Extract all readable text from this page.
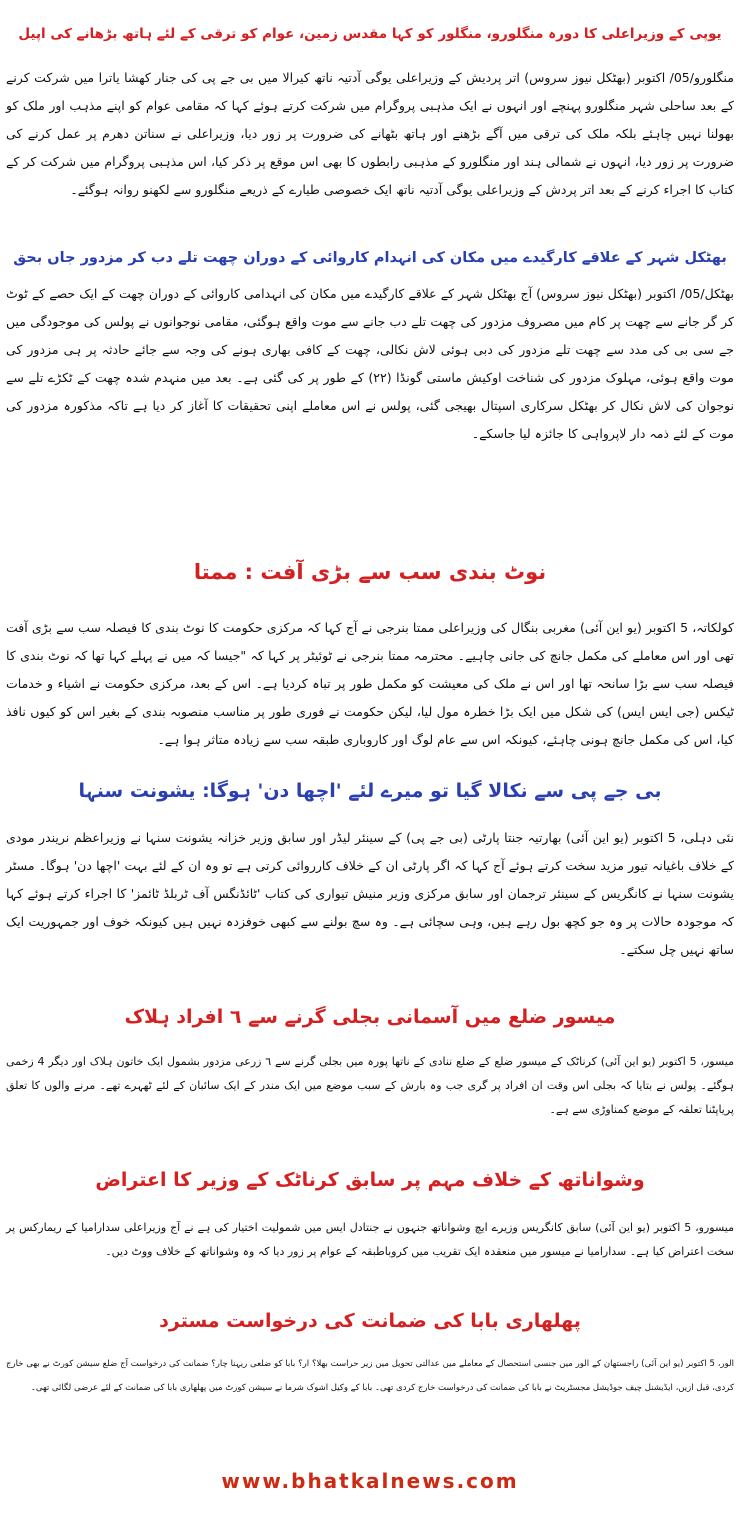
یوپی کے وزیراعلی کا دورہ منگلورو، منگلور کو کہا مقدس زمین، عوام کو ترقی کے لئے ہاتھ بڑھانے کی اپیل

منگلورو/05/ اکتوبر (بھٹکل نیوز سروس) اتر پردیش کے وزیراعلی یوگی آدتیہ ناتھ کیرالا میں بی جے پی کی جنار کھشا یاترا میں شرکت کرنے کے بعد ساحلی شہر منگلورو پہنچے اور انہوں نے ایک مذہبی پروگرام میں شرکت کرتے ہوئے کہا کہ مقامی عوام کو اپنے مذہب اور ملک کو بھولنا نہیں چاہئے بلکہ ملک کی ترقی میں آگے بڑھنے اور ہاتھ بٹھانے کی ضرورت پر زور دیا، وزیراعلی نے سناتن دھرم پر عمل کرنے کی ضرورت پر زور دیا، انہوں نے شمالی ہند اور منگلورو کے مذہبی رابطوں کا بھی اس موقع پر ذکر کیا، اس مذہبی پروگرام میں شرکت کر کے کتاب کا اجراء کرنے کے بعد اتر پردش کے وزیراعلی یوگی آدتیہ ناتھ ایک خصوصی طیارے کے ذریعے منگلورو سے لکھنو روانہ ہوگئے۔

بھٹکل شہر کے علاقے کارگیدے میں مکان کی انہدام کاروائی کے دوران چھت تلے دب کر مزدور جاں بحق

بھٹکل/05/ اکتوبر (بھٹکل نیوز سروس) آج بھٹکل شہر کے علاقے کارگیدے میں مکان کی انہدامی کاروائی کے دوران چھت کے ایک حصے کے ٹوٹ کر گر جانے سے چھت پر کام میں مصروف مزدور کی چھت تلے دب جانے سے موت واقع ہوگئی، مقامی نوجوانوں نے پولس کی موجودگی میں جے سی بی کی مدد سے چھت تلے مزدور کی دبی ہوئی لاش نکالی، چھت کے کافی بھاری ہونے کی وجہ سے جائے حادثہ پر ہی مزدور کی موت واقع ہوئی، مہلوک مزدور کی شناخت اوکیش ماستی گونڈا (۲۲) کے طور پر کی گئی ہے۔ بعد میں منہدم شدہ چھت کے ٹکڑے تلے سے نوجوان کی لاش نکال کر بھٹکل سرکاری اسپتال بھیجی گئی، پولس نے اس معاملے اپنی تحقیقات کا آغاز کر دیا ہے تاکہ مذکورہ مزدور کی موت کے لئے ذمہ دار لاپرواہی کا جائزہ لیا جاسکے۔

نوٹ بندی سب سے بڑی آفت : ممتا

کولکاتہ، 5 اکتوبر (یو این آئی) مغربی بنگال کی وزیراعلی ممتا بنرجی نے آج کہا کہ مرکزی حکومت کا نوٹ بندی کا فیصلہ سب سے بڑی آفت تھی اور اس معاملے کی مکمل جانچ کی جانی چاہیے۔ محترمہ ممتا بنرجی نے ٹوئیٹر پر کہا کہ "جیسا کہ میں نے پہلے کہا تھا کہ نوٹ بندی کا فیصلہ سب سے بڑا سانحہ تھا اور اس نے ملک کی معیشت کو مکمل طور پر تباہ کردیا ہے۔ اس کے بعد، مرکزی حکومت نے اشیاء و خدمات ٹیکس (جی ایس ایس) کی شکل میں ایک بڑا خطرہ مول لیا، لیکن حکومت نے فوری طور پر مناسب منصوبہ بندی کے بغیر اس کو کیوں نافذ کیا، اس کی مکمل جانچ ہونی چاہئے، کیونکہ اس سے عام لوگ اور کاروباری طبقہ سب سے زیادہ متاثر ہوا ہے۔

بی جے پی سے نکالا گیا تو میرے لئے 'اچھا دن' ہوگا: یشونت سنہا

نئی دہلی، 5 اکتوبر (یو این آئی) بھارتیہ جنتا پارٹی (بی جے پی) کے سینئر لیڈر اور سابق وزیر خزانہ یشونت سنہا نے وزیراعظم نریندر مودی کے خلاف باغیانہ تیور مزید سخت کرتے ہوئے آج کہا کہ اگر پارٹی ان کے خلاف کارروائی کرتی ہے تو وہ ان کے لئے بہت 'اچھا دن' ہوگا۔ مسٹر یشونت سنہا نے کانگریس کے سینئر ترجمان اور سابق مرکزی وزیر منیش تیواری کی کتاب 'ٹائڈنگس آف ٹربلڈ ٹائمز' کا اجراء کرتے ہوئے کہا کہ موجودہ حالات پر وہ جو کچھ بول رہے ہیں، وہی سچائی ہے۔ وہ سچ بولنے سے کبھی خوفزدہ نہیں ہیں کیونکہ خوف اور جمہوریت ایک ساتھ نہیں چل سکتے۔

میسور ضلع میں آسمانی بجلی گرنے سے ٦ افراد ہلاک

میسور، 5 اکتوبر (یو این آئی) کرناٹک کے میسور ضلع کے ضلع ننادی کے ناتھا پورہ میں بجلی گرنے سے ٦ زرعی مزدور بشمول ایک خاتون ہلاک اور دیگر 4 زخمی ہوگئے۔ پولس نے بتایا کہ بجلی اس وقت ان افراد پر گری جب وہ بارش کے سبب موضع میں ایک مندر کے ایک سائبان کے لئے ٹھہرے تھے۔ مرنے والوں کا تعلق پریاپٹنا تعلقہ کے موضع کمناوڑی سے ہے۔

وشواناتھ کے خلاف مہم پر سابق کرناٹک کے وزیر کا اعتراض

میسورو، 5 اکتوبر (یو این آئی) سابق کانگریس وزیرے ایچ وشواناتھ جنہوں نے جنتادل ایس میں شمولیت اختیار کی ہے نے آج وزیراعلی سدارامیا کے ریمارکس پر سخت اعتراض کیا ہے۔ سدارامیا نے میسور میں منعقدہ ایک تقریب میں کروباطبقہ کے عوام پر زور دیا کہ وہ وشواناتھ کے خلاف ووٹ دیں۔

پھلهاری بابا کی ضمانت کی درخواست مسترد

الور، 5 اکتوبر (یو این آئی) راجستھان کے الور میں جنسی استحصال کے معاملے میں عدالتی تحویل میں زیر حراست بھلا؟ ار؟ بابا کو ضلعی ریہنا چار؟ ضمانت کی درخواست آج ضلع سیشن کورٹ نے بھی خارج کردی، قبل ازیں، ایڈیشنل چیف جوڈیشل مجسٹریٹ نے بابا کی ضمانت کی درخواست خارج کردی تھی۔ بابا کے وکیل اشوک شرما نے سیشن کورٹ میں پھلهاری بابا کی ضمانت کے لئے عرضی لگائی تھی۔

www.bhatkalnews.com
